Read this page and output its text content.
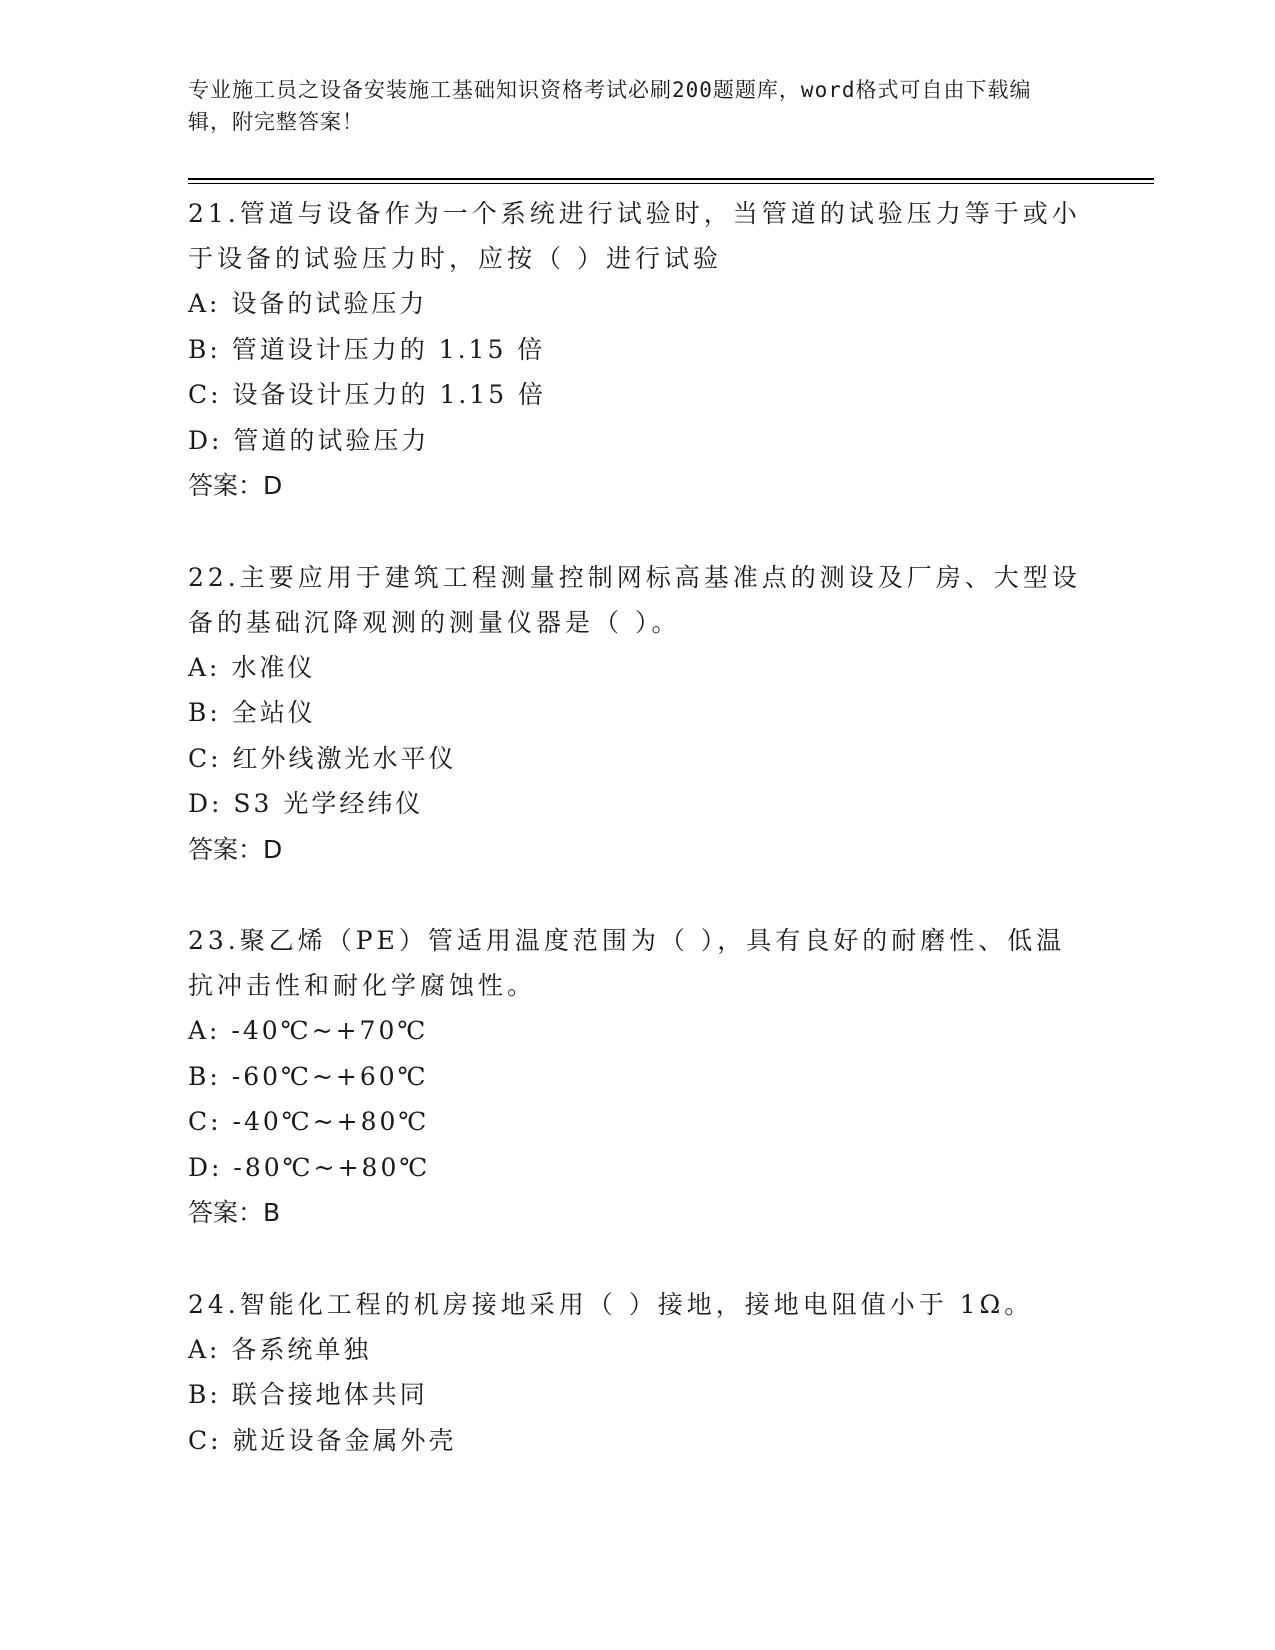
专业施工员之设备安装施工基础知识资格考试必刷200题题库，word格式可自由下载编辑，附完整答案！

21.管道与设备作为一个系统进行试验时，当管道的试验压力等于或小于设备的试验压力时，应按（ ）进行试验

A: 设备的试验压力

B: 管道设计压力的 1.15 倍

C: 设备设计压力的 1.15 倍

D: 管道的试验压力

答案：D

22.主要应用于建筑工程测量控制网标高基准点的测设及厂房、大型设备的基础沉降观测的测量仪器是（ ）。

A: 水准仪

B: 全站仪

C: 红外线激光水平仪

D: S3 光学经纬仪

答案：D

23.聚乙烯（PE）管适用温度范围为（ ），具有良好的耐磨性、低温抗冲击性和耐化学腐蚀性。

A: -40℃~+70℃

B: -60℃~+60℃

C: -40℃~+80℃

D: -80℃~+80℃

答案：B

24.智能化工程的机房接地采用（ ）接地，接地电阻值小于 1Ω。

A: 各系统单独

B: 联合接地体共同

C: 就近设备金属外壳
